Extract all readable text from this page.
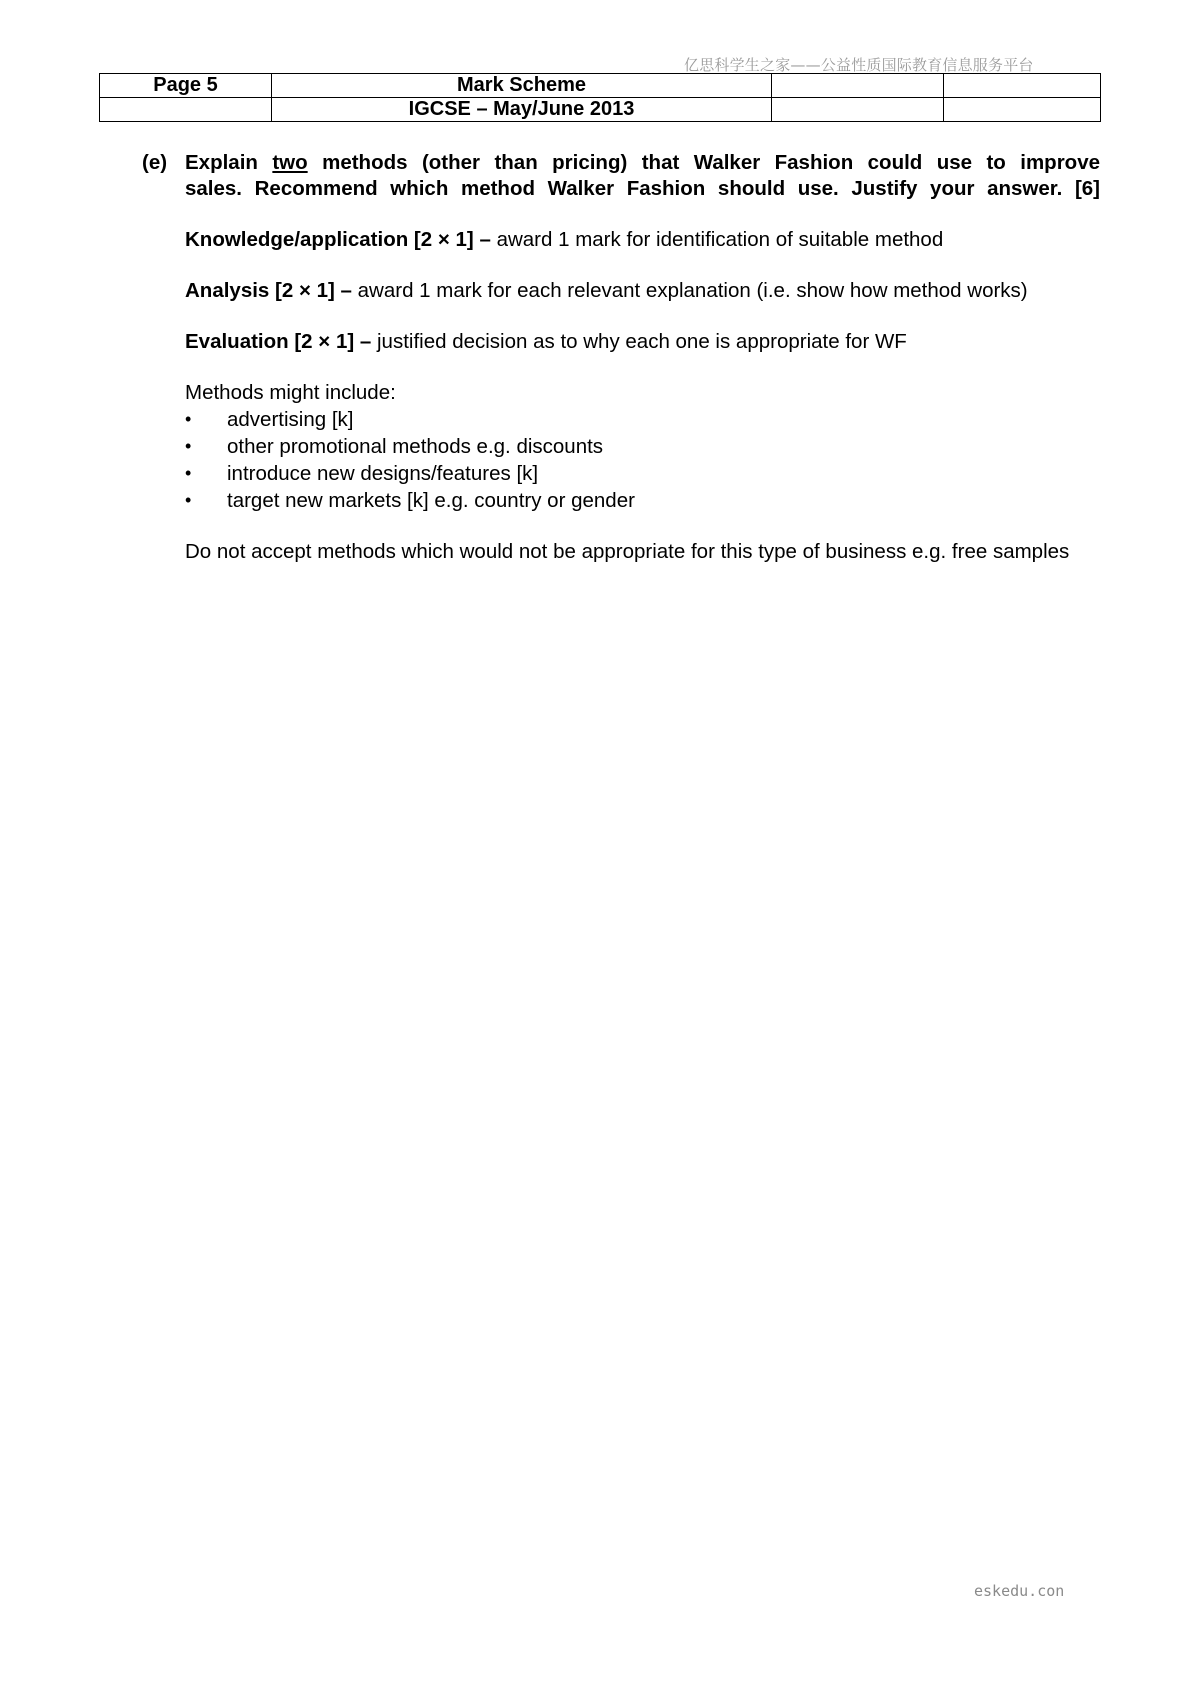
亿思科学生之家——公益性质国际教育信息服务平台
Page 5	Mark Scheme		
	IGCSE – May/June 2013		
(e) Explain two methods (other than pricing) that Walker Fashion could use to improve
sales. Recommend which method Walker Fashion should use. Justify your answer. [6]
Knowledge/application [2 × 1] – award 1 mark for identification of suitable method
Analysis [2 × 1] – award 1 mark for each relevant explanation (i.e. show how method works)
Evaluation [2 × 1] – justified decision as to why each one is appropriate for WF
Methods might include:
• advertising [k]
• other promotional methods e.g. discounts
• introduce new designs/features [k]
• target new markets [k] e.g. country or gender
Do not accept methods which would not be appropriate for this type of business e.g. free samples
eskedu.con
